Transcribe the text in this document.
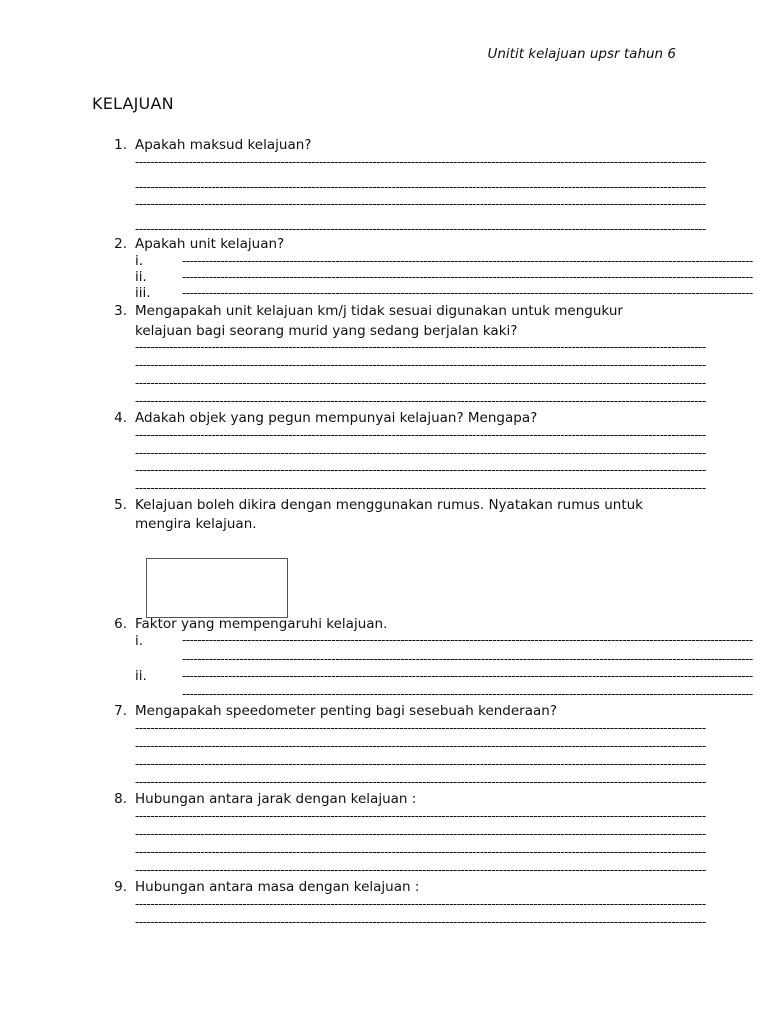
Unitit kelajuan upsr tahun 6
KELAJUAN
1. Apakah maksud kelajuan?
-----------------------------------------------------------------------------------------------------------------------------------------------------
-----------------------------------------------------------------------------------------------------------------------------------------------------
-----------------------------------------------------------------------------------------------------------------------------------------------------
-----------------------------------------------------------------------------------------------------------------------------------------------------
2. Apakah unit kelajuan?
i.	-----------------------------------------------------------------------------------------------------------------------------------------------------
ii.	-----------------------------------------------------------------------------------------------------------------------------------------------------
iii.	-----------------------------------------------------------------------------------------------------------------------------------------------------
3. Mengapakah unit kelajuan km/j tidak sesuai digunakan untuk mengukur
kelajuan bagi seorang murid yang sedang berjalan kaki?
-----------------------------------------------------------------------------------------------------------------------------------------------------
-----------------------------------------------------------------------------------------------------------------------------------------------------
-----------------------------------------------------------------------------------------------------------------------------------------------------
-----------------------------------------------------------------------------------------------------------------------------------------------------
4. Adakah objek yang pegun mempunyai kelajuan? Mengapa?
-----------------------------------------------------------------------------------------------------------------------------------------------------
-----------------------------------------------------------------------------------------------------------------------------------------------------
-----------------------------------------------------------------------------------------------------------------------------------------------------
-----------------------------------------------------------------------------------------------------------------------------------------------------
5. Kelajuan boleh dikira dengan menggunakan rumus. Nyatakan rumus untuk
mengira kelajuan.
6. Faktor yang mempengaruhi kelajuan.
i.	-----------------------------------------------------------------------------------------------------------------------------------------------------
-----------------------------------------------------------------------------------------------------------------------------------------------------
ii.	-----------------------------------------------------------------------------------------------------------------------------------------------------
-----------------------------------------------------------------------------------------------------------------------------------------------------
7. Mengapakah speedometer penting bagi sesebuah kenderaan?
-----------------------------------------------------------------------------------------------------------------------------------------------------
-----------------------------------------------------------------------------------------------------------------------------------------------------
-----------------------------------------------------------------------------------------------------------------------------------------------------
-----------------------------------------------------------------------------------------------------------------------------------------------------
8. Hubungan antara jarak dengan kelajuan :
-----------------------------------------------------------------------------------------------------------------------------------------------------
-----------------------------------------------------------------------------------------------------------------------------------------------------
-----------------------------------------------------------------------------------------------------------------------------------------------------
-----------------------------------------------------------------------------------------------------------------------------------------------------
9. Hubungan antara masa dengan kelajuan :
-----------------------------------------------------------------------------------------------------------------------------------------------------
-----------------------------------------------------------------------------------------------------------------------------------------------------
